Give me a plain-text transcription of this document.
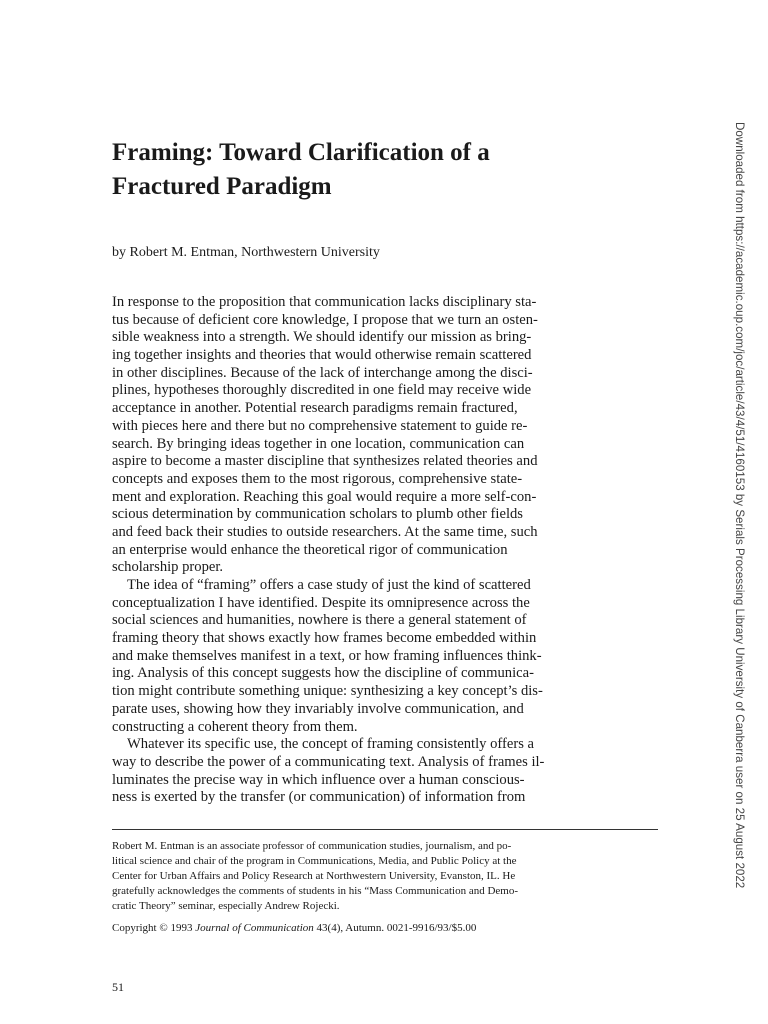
Framing: Toward Clarification of a
Fractured Paradigm
by Robert M. Entman, Northwestern University
In response to the proposition that communication lacks disciplinary sta-
tus because of deficient core knowledge, I propose that we turn an osten-
sible weakness into a strength. We should identify our mission as bring-
ing together insights and theories that would otherwise remain scattered
in other disciplines. Because of the lack of interchange among the disci-
plines, hypotheses thoroughly discredited in one field may receive wide
acceptance in another. Potential research paradigms remain fractured,
with pieces here and there but no comprehensive statement to guide re-
search. By bringing ideas together in one location, communication can
aspire to become a master discipline that synthesizes related theories and
concepts and exposes them to the most rigorous, comprehensive state-
ment and exploration. Reaching this goal would require a more self-con-
scious determination by communication scholars to plumb other fields
and feed back their studies to outside researchers. At the same time, such
an enterprise would enhance the theoretical rigor of communication
scholarship proper.
The idea of “framing” offers a case study of just the kind of scattered
conceptualization I have identified. Despite its omnipresence across the
social sciences and humanities, nowhere is there a general statement of
framing theory that shows exactly how frames become embedded within
and make themselves manifest in a text, or how framing influences think-
ing. Analysis of this concept suggests how the discipline of communica-
tion might contribute something unique: synthesizing a key concept’s dis-
parate uses, showing how they invariably involve communication, and
constructing a coherent theory from them.
Whatever its specific use, the concept of framing consistently offers a
way to describe the power of a communicating text. Analysis of frames il-
luminates the precise way in which influence over a human conscious-
ness is exerted by the transfer (or communication) of information from
Robert M. Entman is an associate professor of communication studies, journalism, and po-
litical science and chair of the program in Communications, Media, and Public Policy at the
Center for Urban Affairs and Policy Research at Northwestern University, Evanston, IL. He
gratefully acknowledges the comments of students in his “Mass Communication and Demo-
cratic Theory” seminar, especially Andrew Rojecki.
Copyright © 1993 Journal of Communication 43(4), Autumn. 0021-9916/93/$5.00
51
Downloaded from https://academic.oup.com/joc/article/43/4/51/4160153 by Serials Processing Library University of Canberra user on 25 August 2022
